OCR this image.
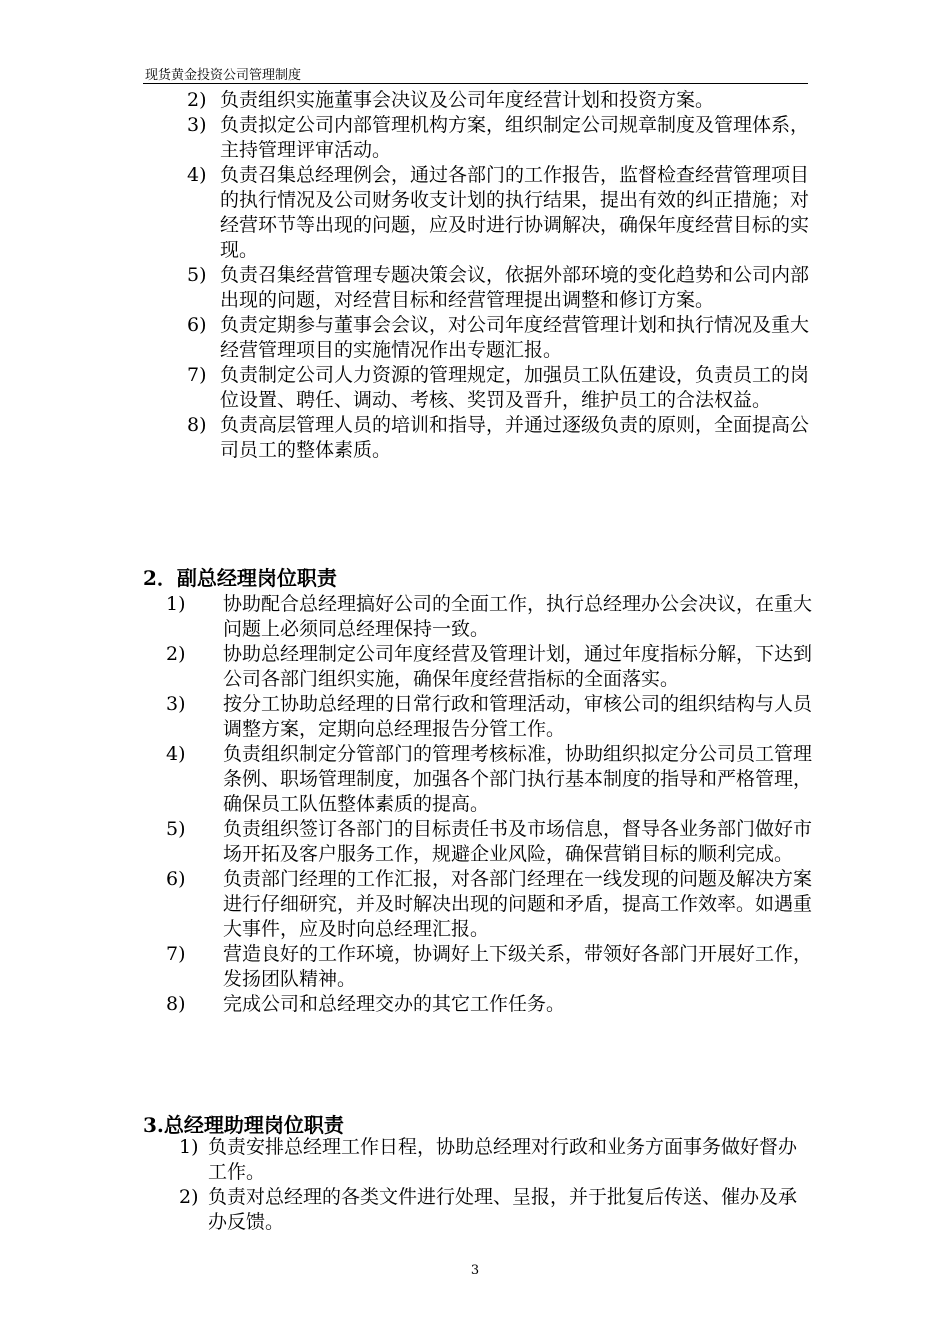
现货黄金投资公司管理制度
2) 负责组织实施董事会决议及公司年度经营计划和投资方案。
3) 负责拟定公司内部管理机构方案，组织制定公司规章制度及管理体系，主持管理评审活动。
4) 负责召集总经理例会，通过各部门的工作报告，监督检查经营管理项目的执行情况及公司财务收支计划的执行结果，提出有效的纠正措施；对经营环节等出现的问题，应及时进行协调解决，确保年度经营目标的实现。
5) 负责召集经营管理专题决策会议，依据外部环境的变化趋势和公司内部出现的问题，对经营目标和经营管理提出调整和修订方案。
6) 负责定期参与董事会会议，对公司年度经营管理计划和执行情况及重大经营管理项目的实施情况作出专题汇报。
7) 负责制定公司人力资源的管理规定，加强员工队伍建设，负责员工的岗位设置、聘任、调动、考核、奖罚及晋升，维护员工的合法权益。
8) 负责高层管理人员的培训和指导，并通过逐级负责的原则，全面提高公司员工的整体素质。
2．副总经理岗位职责
1) 协助配合总经理搞好公司的全面工作，执行总经理办公会决议，在重大问题上必须同总经理保持一致。
2) 协助总经理制定公司年度经营及管理计划，通过年度指标分解，下达到公司各部门组织实施，确保年度经营指标的全面落实。
3) 按分工协助总经理的日常行政和管理活动，审核公司的组织结构与人员调整方案，定期向总经理报告分管工作。
4) 负责组织制定分管部门的管理考核标准，协助组织拟定分公司员工管理条例、职场管理制度，加强各个部门执行基本制度的指导和严格管理，确保员工队伍整体素质的提高。
5) 负责组织签订各部门的目标责任书及市场信息，督导各业务部门做好市场开拓及客户服务工作，规避企业风险，确保营销目标的顺利完成。
6) 负责部门经理的工作汇报，对各部门经理在一线发现的问题及解决方案进行仔细研究，并及时解决出现的问题和矛盾，提高工作效率。如遇重大事件，应及时向总经理汇报。
7) 营造良好的工作环境，协调好上下级关系，带领好各部门开展好工作，发扬团队精神。
8) 完成公司和总经理交办的其它工作任务。
3.总经理助理岗位职责
1) 负责安排总经理工作日程，协助总经理对行政和业务方面事务做好督办工作。
2) 负责对总经理的各类文件进行处理、呈报，并于批复后传送、催办及承办反馈。
3
